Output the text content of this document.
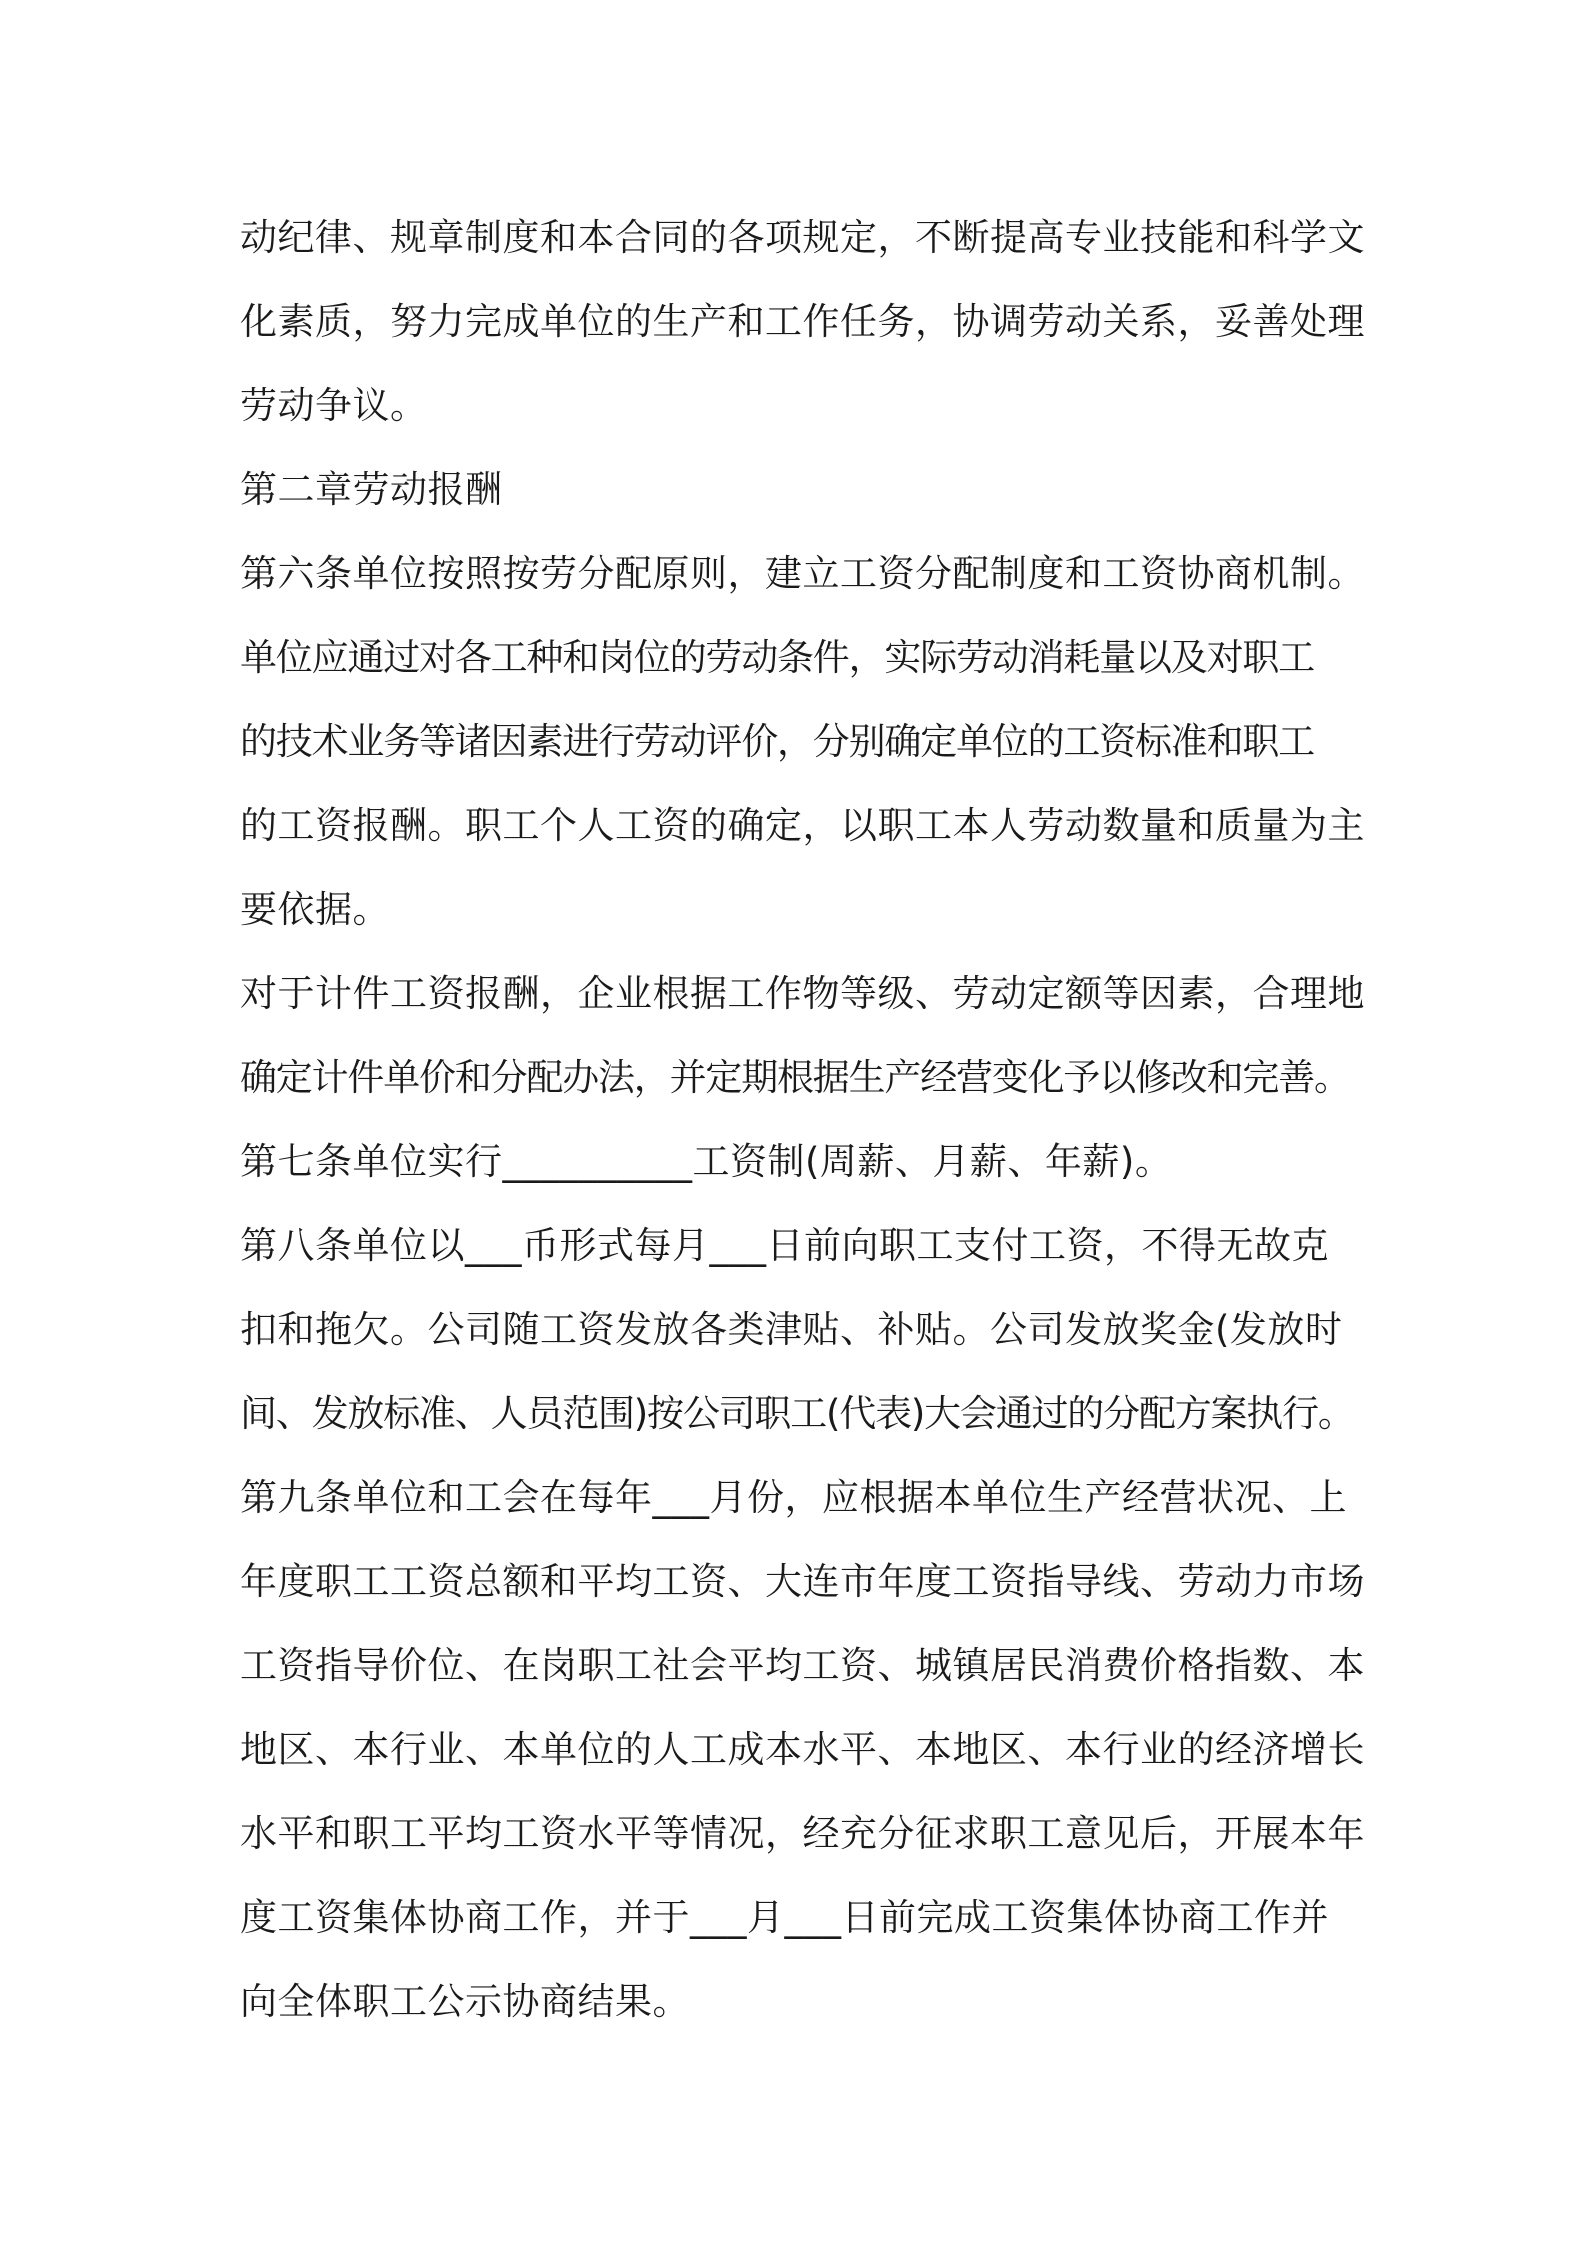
动纪律、规章制度和本合同的各项规定，不断提高专业技能和科学文
化素质，努力完成单位的生产和工作任务，协调劳动关系，妥善处理
劳动争议。
第二章劳动报酬
第六条单位按照按劳分配原则，建立工资分配制度和工资协商机制。
单位应通过对各工种和岗位的劳动条件，实际劳动消耗量以及对职工
的技术业务等诸因素进行劳动评价，分别确定单位的工资标准和职工
的工资报酬。职工个人工资的确定，以职工本人劳动数量和质量为主
要依据。
对于计件工资报酬，企业根据工作物等级、劳动定额等因素，合理地
确定计件单价和分配办法，并定期根据生产经营变化予以修改和完善。
第七条单位实行__________工资制(周薪、月薪、年薪)。
第八条单位以___币形式每月___日前向职工支付工资，不得无故克
扣和拖欠。公司随工资发放各类津贴、补贴。公司发放奖金(发放时
间、发放标准、人员范围)按公司职工(代表)大会通过的分配方案执行。
第九条单位和工会在每年___月份，应根据本单位生产经营状况、上
年度职工工资总额和平均工资、大连市年度工资指导线、劳动力市场
工资指导价位、在岗职工社会平均工资、城镇居民消费价格指数、本
地区、本行业、本单位的人工成本水平、本地区、本行业的经济增长
水平和职工平均工资水平等情况，经充分征求职工意见后，开展本年
度工资集体协商工作，并于___月___日前完成工资集体协商工作并
向全体职工公示协商结果。
